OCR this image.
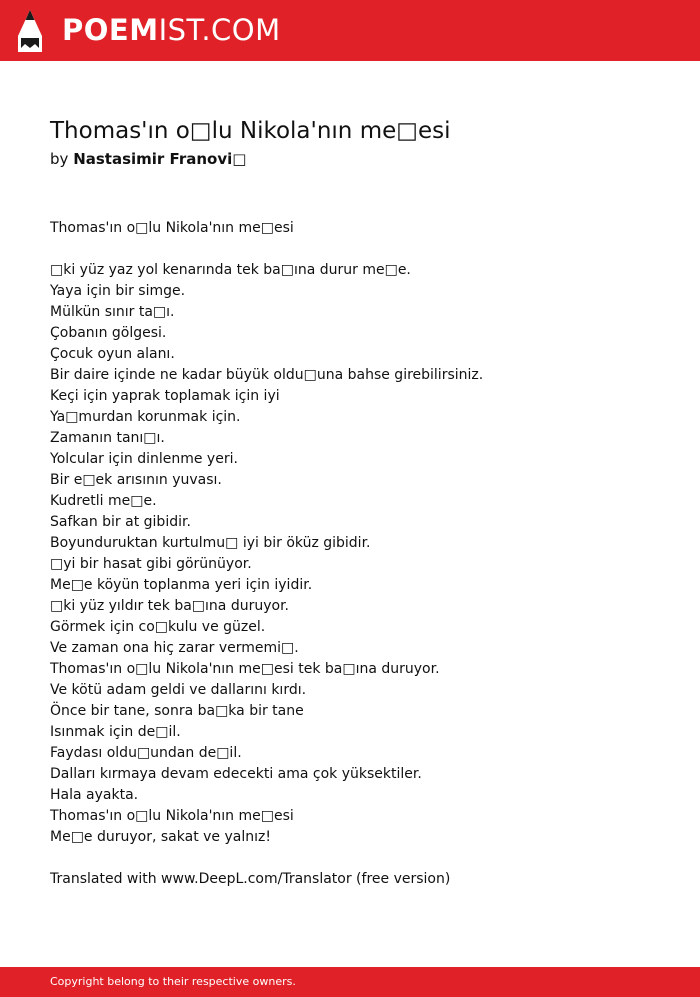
POEMIST.COM
Thomas'ın o□lu Nikola'nın me□esi
by Nastasimir Franovi□
Thomas'ın o□lu Nikola'nın me□esi
□ki yüz yaz yol kenarında tek ba□ına durur me□e.
Yaya için bir simge.
Mülkün sınır ta□ı.
Çobanın gölgesi.
Çocuk oyun alanı.
Bir daire içinde ne kadar büyük oldu□una bahse girebilirsiniz.
Keçi için yaprak toplamak için iyi
Ya□murdan korunmak için.
Zamanın tanı□ı.
Yolcular için dinlenme yeri.
Bir e□ek arısının yuvası.
Kudretli me□e.
Safkan bir at gibidir.
Boyunduruktan kurtulmu□ iyi bir öküz gibidir.
□yi bir hasat gibi görünüyor.
Me□e köyün toplanma yeri için iyidir.
□ki yüz yıldır tek ba□ına duruyor.
Görmek için co□kulu ve güzel.
Ve zaman ona hiç zarar vermemi□.
Thomas'ın o□lu Nikola'nın me□esi tek ba□ına duruyor.
Ve kötü adam geldi ve dallarını kırdı.
Önce bir tane, sonra ba□ka bir tane
Isınmak için de□il.
Faydası oldu□undan de□il.
Dalları kırmaya devam edecekti ama çok yüksektiler.
Hala ayakta.
Thomas'ın o□lu Nikola'nın me□esi
Me□e duruyor, sakat ve yalnız!
Translated with www.DeepL.com/Translator (free version)
Copyright belong to their respective owners.
